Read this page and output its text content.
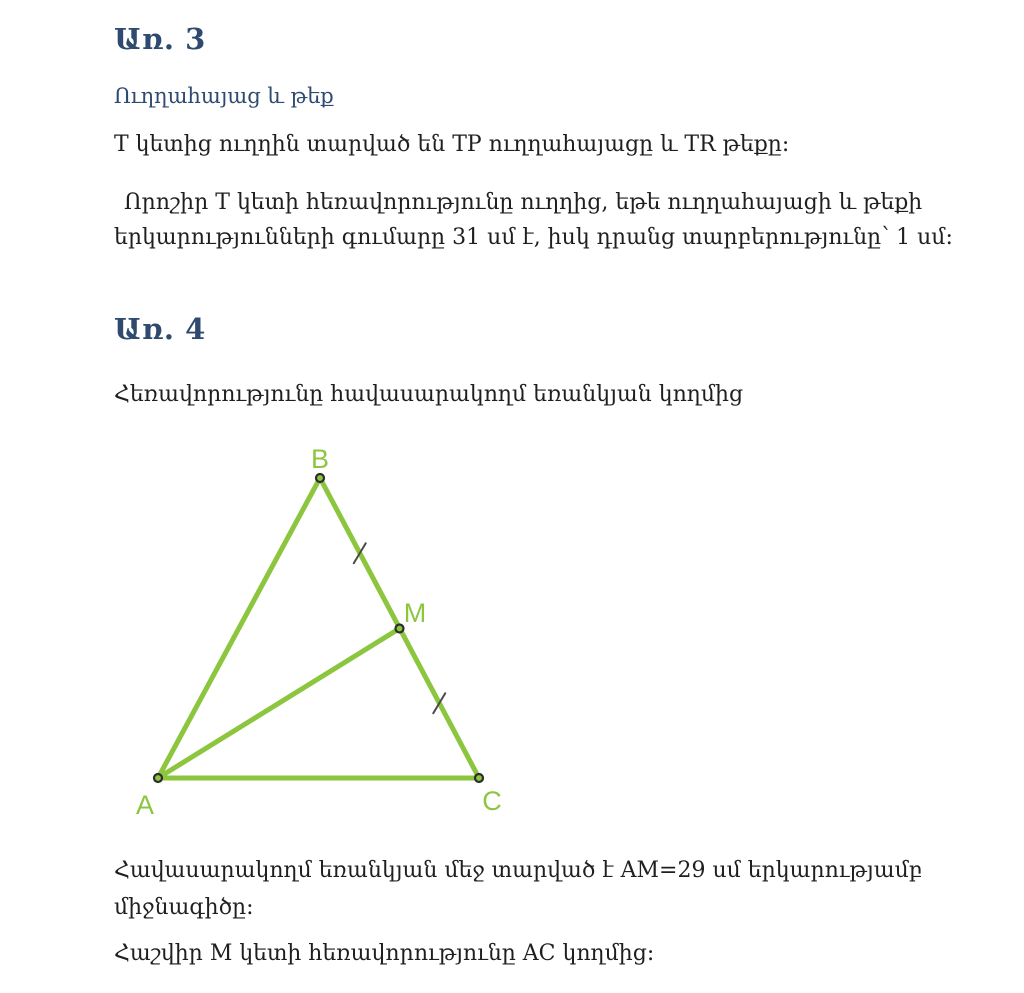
Առ. 3
Ուղղահայաց և թեք

T կետից ուղղին տարված են TP ուղղահայացը և TR թեքը։

Որոշիր T կետի հեռավորությունը ուղղից, եթե ուղղահայացի և թեքի

երկարությունների գումարը 31 սմ է, իսկ դրանց տարբերությունը՝ 1 սմ։

Առ. 4

Հեռավորությունը հավասարակողմ եռանկյան կողմից

A
B
C
M

Հավասարակողմ եռանկյան մեջ տարված է AM=29 սմ երկարությամբ

միջնագիծը։

Հաշվիր M կետի հեռավորությունը AC կողմից։
